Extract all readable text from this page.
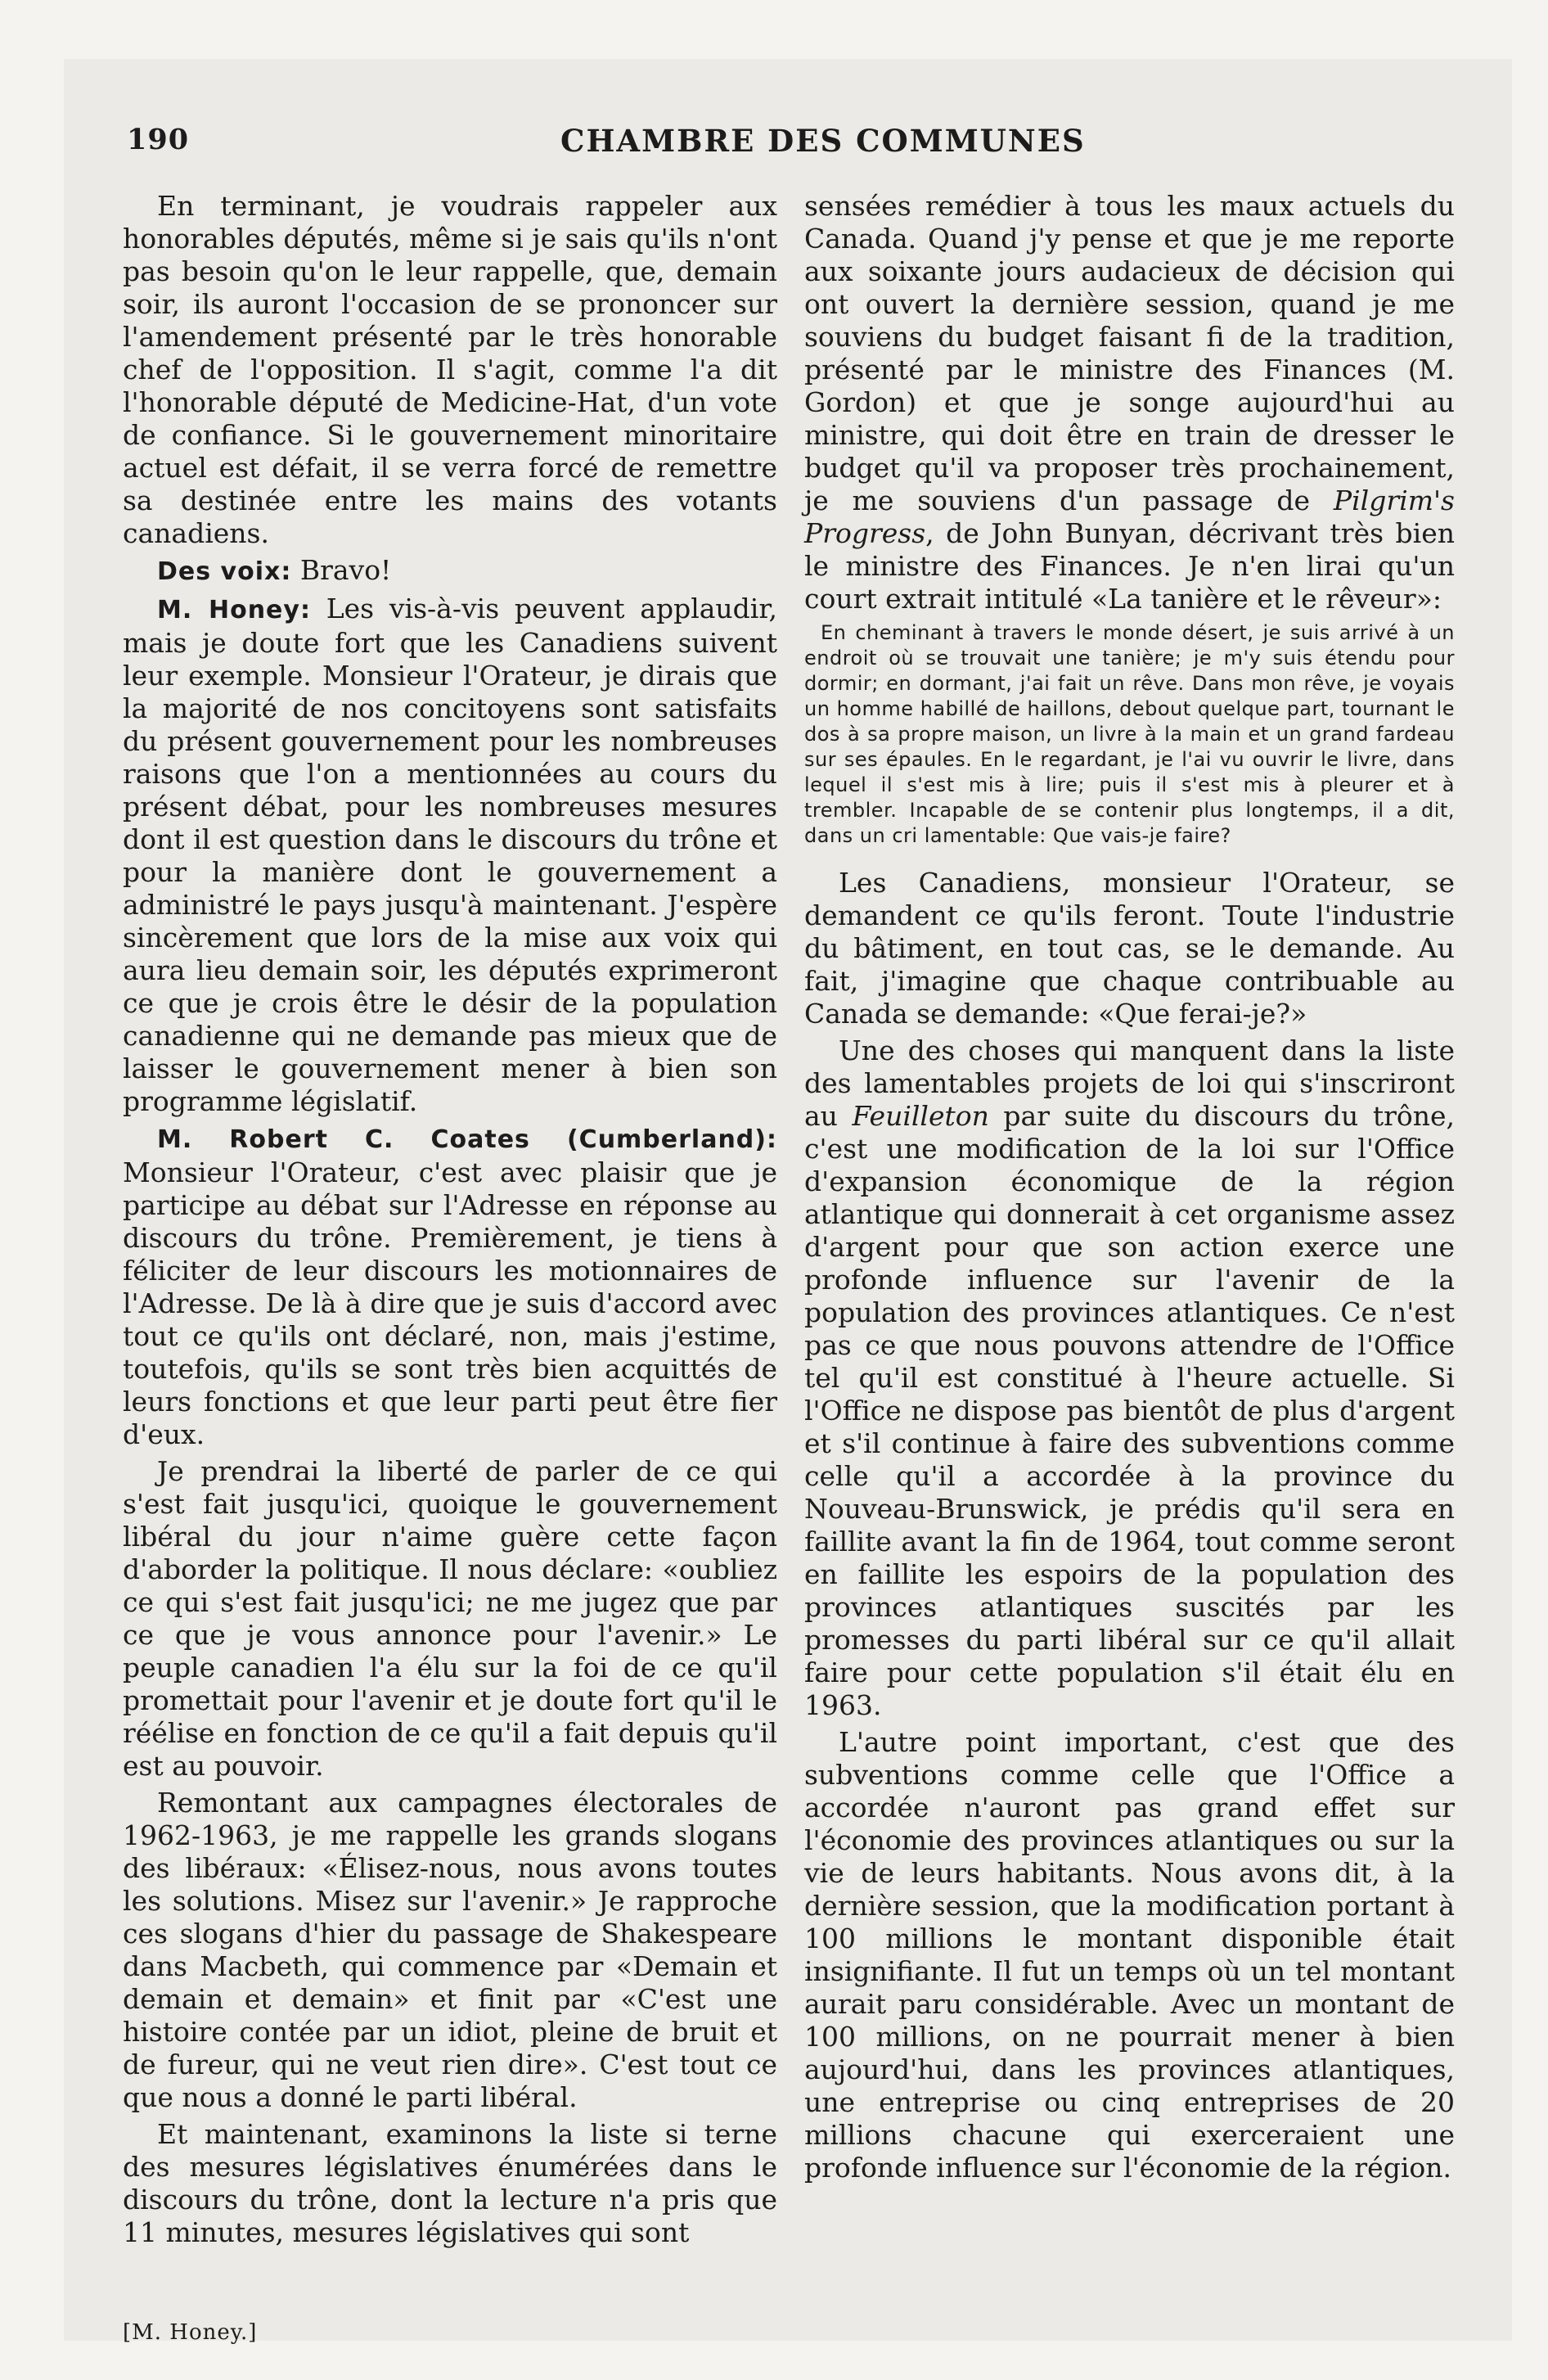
190	CHAMBRE DES COMMUNES

En terminant, je voudrais rappeler aux honorables députés, même si je sais qu'ils n'ont pas besoin qu'on le leur rappelle, que, demain soir, ils auront l'occasion de se prononcer sur l'amendement présenté par le très honorable chef de l'opposition. Il s'agit, comme l'a dit l'honorable député de Medicine-Hat, d'un vote de confiance. Si le gouvernement minoritaire actuel est défait, il se verra forcé de remettre sa destinée entre les mains des votants canadiens.

Des voix: Bravo!

M. Honey: Les vis-à-vis peuvent applaudir, mais je doute fort que les Canadiens suivent leur exemple. Monsieur l'Orateur, je dirais que la majorité de nos concitoyens sont satisfaits du présent gouvernement pour les nombreuses raisons que l'on a mentionnées au cours du présent débat, pour les nombreuses mesures dont il est question dans le discours du trône et pour la manière dont le gouvernement a administré le pays jusqu'à maintenant. J'espère sincèrement que lors de la mise aux voix qui aura lieu demain soir, les députés exprimeront ce que je crois être le désir de la population canadienne qui ne demande pas mieux que de laisser le gouvernement mener à bien son programme législatif.

M. Robert C. Coates (Cumberland): Monsieur l'Orateur, c'est avec plaisir que je participe au débat sur l'Adresse en réponse au discours du trône. Premièrement, je tiens à féliciter de leur discours les motionnaires de l'Adresse. De là à dire que je suis d'accord avec tout ce qu'ils ont déclaré, non, mais j'estime, toutefois, qu'ils se sont très bien acquittés de leurs fonctions et que leur parti peut être fier d'eux.

Je prendrai la liberté de parler de ce qui s'est fait jusqu'ici, quoique le gouvernement libéral du jour n'aime guère cette façon d'aborder la politique. Il nous déclare: «oubliez ce qui s'est fait jusqu'ici; ne me jugez que par ce que je vous annonce pour l'avenir.» Le peuple canadien l'a élu sur la foi de ce qu'il promettait pour l'avenir et je doute fort qu'il le réélise en fonction de ce qu'il a fait depuis qu'il est au pouvoir.

Remontant aux campagnes électorales de 1962-1963, je me rappelle les grands slogans des libéraux: «Élisez-nous, nous avons toutes les solutions. Misez sur l'avenir.» Je rapproche ces slogans d'hier du passage de Shakespeare dans Macbeth, qui commence par «Demain et demain et demain» et finit par «C'est une histoire contée par un idiot, pleine de bruit et de fureur, qui ne veut rien dire». C'est tout ce que nous a donné le parti libéral.

Et maintenant, examinons la liste si terne des mesures législatives énumérées dans le discours du trône, dont la lecture n'a pris que 11 minutes, mesures législatives qui sont

sensées remédier à tous les maux actuels du Canada. Quand j'y pense et que je me reporte aux soixante jours audacieux de décision qui ont ouvert la dernière session, quand je me souviens du budget faisant fi de la tradition, présenté par le ministre des Finances (M. Gordon) et que je songe aujourd'hui au ministre, qui doit être en train de dresser le budget qu'il va proposer très prochainement, je me souviens d'un passage de Pilgrim's Progress, de John Bunyan, décrivant très bien le ministre des Finances. Je n'en lirai qu'un court extrait intitulé «La tanière et le rêveur»:

En cheminant à travers le monde désert, je suis arrivé à un endroit où se trouvait une tanière; je m'y suis étendu pour dormir; en dormant, j'ai fait un rêve. Dans mon rêve, je voyais un homme habillé de haillons, debout quelque part, tournant le dos à sa propre maison, un livre à la main et un grand fardeau sur ses épaules. En le regardant, je l'ai vu ouvrir le livre, dans lequel il s'est mis à lire; puis il s'est mis à pleurer et à trembler. Incapable de se contenir plus longtemps, il a dit, dans un cri lamentable: Que vais-je faire?

Les Canadiens, monsieur l'Orateur, se demandent ce qu'ils feront. Toute l'industrie du bâtiment, en tout cas, se le demande. Au fait, j'imagine que chaque contribuable au Canada se demande: «Que ferai-je?»

Une des choses qui manquent dans la liste des lamentables projets de loi qui s'inscriront au Feuilleton par suite du discours du trône, c'est une modification de la loi sur l'Office d'expansion économique de la région atlantique qui donnerait à cet organisme assez d'argent pour que son action exerce une profonde influence sur l'avenir de la population des provinces atlantiques. Ce n'est pas ce que nous pouvons attendre de l'Office tel qu'il est constitué à l'heure actuelle. Si l'Office ne dispose pas bientôt de plus d'argent et s'il continue à faire des subventions comme celle qu'il a accordée à la province du Nouveau-Brunswick, je prédis qu'il sera en faillite avant la fin de 1964, tout comme seront en faillite les espoirs de la population des provinces atlantiques suscités par les promesses du parti libéral sur ce qu'il allait faire pour cette population s'il était élu en 1963.

L'autre point important, c'est que des subventions comme celle que l'Office a accordée n'auront pas grand effet sur l'économie des provinces atlantiques ou sur la vie de leurs habitants. Nous avons dit, à la dernière session, que la modification portant à 100 millions le montant disponible était insignifiante. Il fut un temps où un tel montant aurait paru considérable. Avec un montant de 100 millions, on ne pourrait mener à bien aujourd'hui, dans les provinces atlantiques, une entreprise ou cinq entreprises de 20 millions chacune qui exerceraient une profonde influence sur l'économie de la région.

[M. Honey.]
